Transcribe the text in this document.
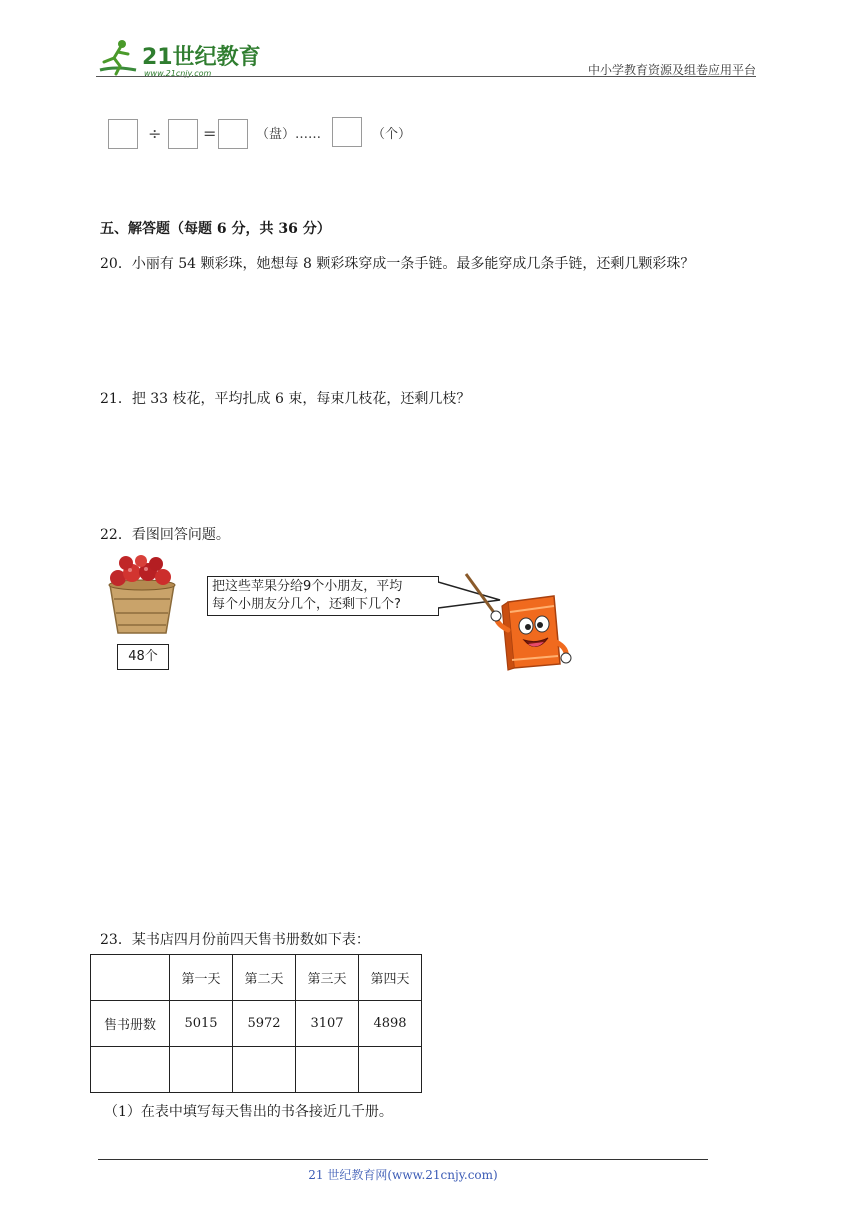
21世纪教育
www.21cnjy.com	中小学教育资源及组卷应用平台
÷	=	（盘）……	（个）
五、解答题（每题 6 分，共 36 分）
20．小丽有 54 颗彩珠，她想每 8 颗彩珠穿成一条手链。最多能穿成几条手链，还剩几颗彩珠？
21．把 33 枝花，平均扎成 6 束，每束几枝花，还剩几枝？
22．看图回答问题。
48个
把这些苹果分给9个小朋友，平均
每个小朋友分几个，还剩下几个?
23．某书店四月份前四天售书册数如下表：
	第一天	第二天	第三天	第四天
售书册数	5015	5972	3107	4898

（1）在表中填写每天售出的书各接近几千册。
21 世纪教育网(www.21cnjy.com)
